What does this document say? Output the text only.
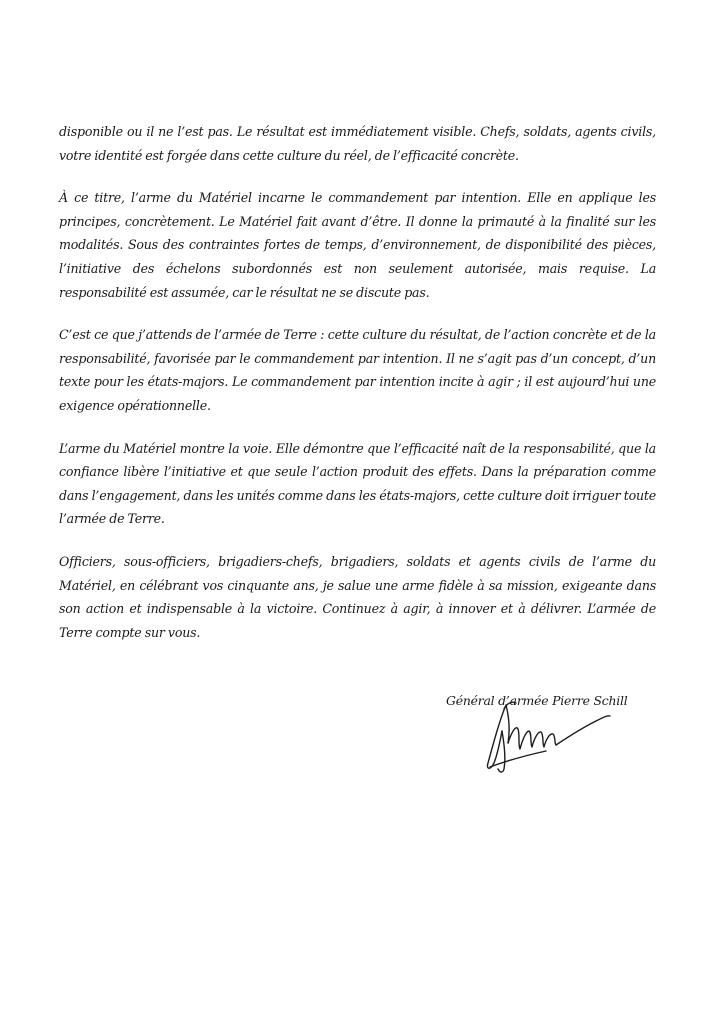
disponible ou il ne l’est pas. Le résultat est immédiatement visible. Chefs, soldats, agents civils, votre identité est forgée dans cette culture du réel, de l’efficacité concrète.

À ce titre, l’arme du Matériel incarne le commandement par intention. Elle en applique les principes, concrètement. Le Matériel fait avant d’être. Il donne la primauté à la finalité sur les modalités. Sous des contraintes fortes de temps, d’environnement, de disponibilité des pièces, l’initiative des échelons subordonnés est non seulement autorisée, mais requise. La responsabilité est assumée, car le résultat ne se discute pas.

C’est ce que j’attends de l’armée de Terre : cette culture du résultat, de l’action concrète et de la responsabilité, favorisée par le commandement par intention. Il ne s’agit pas d’un concept, d’un texte pour les états-majors. Le commandement par intention incite à agir ; il est aujourd’hui une exigence opérationnelle.

L’arme du Matériel montre la voie. Elle démontre que l’efficacité naît de la responsabilité, que la confiance libère l’initiative et que seule l’action produit des effets. Dans la préparation comme dans l’engagement, dans les unités comme dans les états-majors, cette culture doit irriguer toute l’armée de Terre.

Officiers, sous-officiers, brigadiers-chefs, brigadiers, soldats et agents civils de l’arme du Matériel, en célébrant vos cinquante ans, je salue une arme fidèle à sa mission, exigeante dans son action et indispensable à la victoire. Continuez à agir, à innover et à délivrer. L’armée de Terre compte sur vous.

Général d’armée Pierre Schill
